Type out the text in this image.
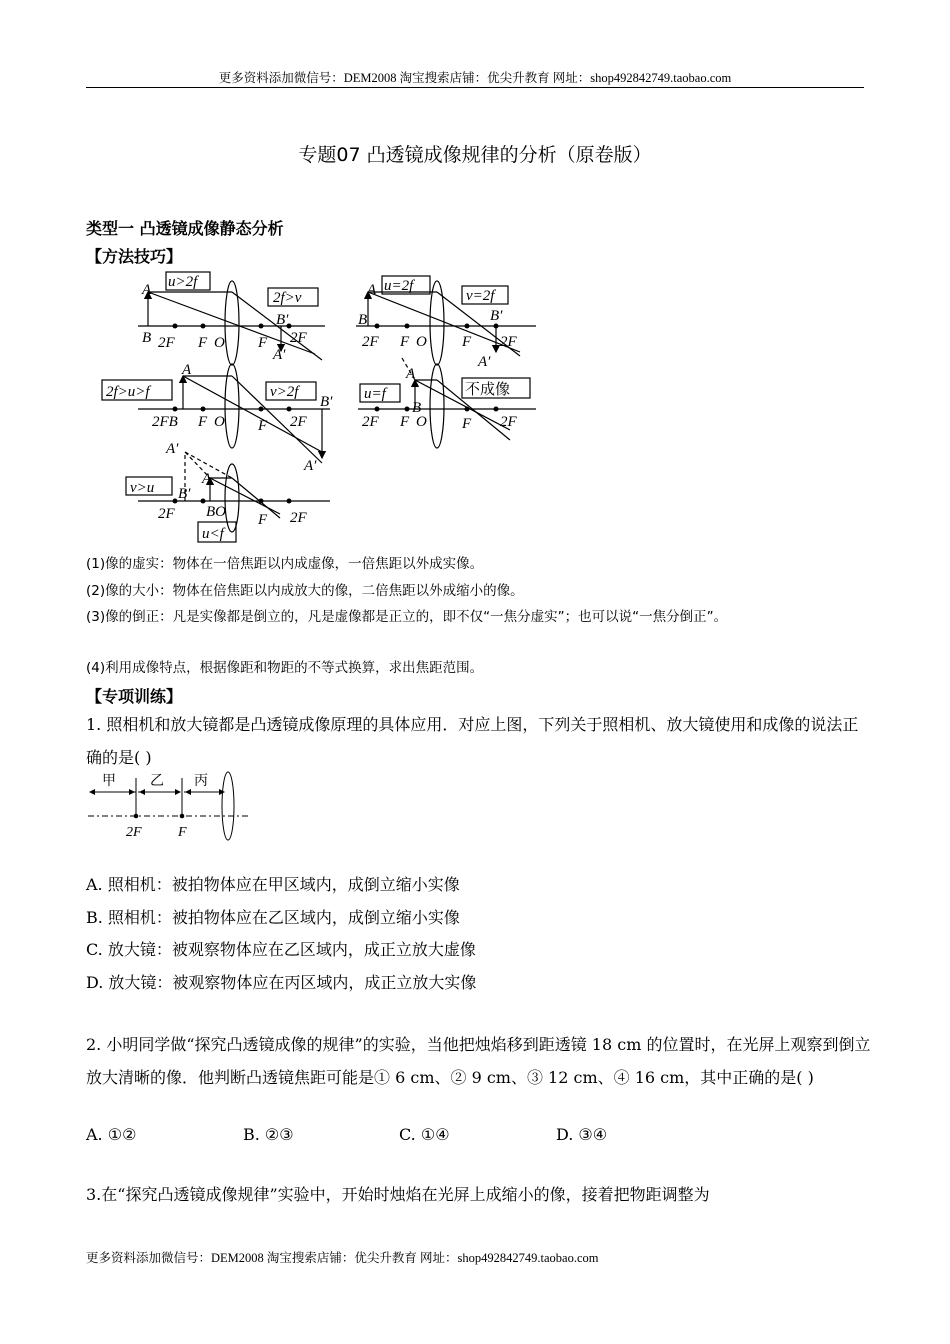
更多资料添加微信号：DEM2008 淘宝搜索店铺：优尖升教育 网址：shop492842749.taobao.com
专题07 凸透镜成像规律的分析（原卷版）
类型一 凸透镜成像静态分析
【方法技巧】
u>2f
2f>v
A
B 2F F O
B′
F 2F
A′
u=2f
v=2f
A
B
2F F O
B′
F 2F
A′
2f>u>f	v>2f
A
2FB F O
B′
F 2F
A′
A′
u=f	不成像
A
B
2F F O F 2F
v>u
u<f
A
B′
BO
2F	F 2F
(1)像的虚实：物体在一倍焦距以内成虚像，一倍焦距以外成实像。
(2)像的大小：物体在倍焦距以内成放大的像，二倍焦距以外成缩小的像。
(3)像的倒正：凡是实像都是倒立的，凡是虚像都是正立的，即不仅“一焦分虚实”；也可以说“一焦分倒正”。
(4)利用成像特点，根据像距和物距的不等式换算，求出焦距范围。
【专项训练】
1. 照相机和放大镜都是凸透镜成像原理的具体应用．对应上图，下列关于照相机、放大镜使用和成像的说法正确的是( )
甲 乙 丙
2F	F
A. 照相机：被拍物体应在甲区域内，成倒立缩小实像
B. 照相机：被拍物体应在乙区域内，成倒立缩小实像
C. 放大镜：被观察物体应在乙区域内，成正立放大虚像
D. 放大镜：被观察物体应在丙区域内，成正立放大实像
2. 小明同学做“探究凸透镜成像的规律”的实验，当他把烛焰移到距透镜 18 cm 的位置时，在光屏上观察到倒立放大清晰的像．他判断凸透镜焦距可能是① 6 cm、② 9 cm、③ 12 cm、④ 16 cm，其中正确的是( )
A. ①②	B. ②③	C. ①④	D. ③④
3.在“探究凸透镜成像规律”实验中，开始时烛焰在光屏上成缩小的像，接着把物距调整为
更多资料添加微信号：DEM2008 淘宝搜索店铺：优尖升教育 网址：shop492842749.taobao.com
